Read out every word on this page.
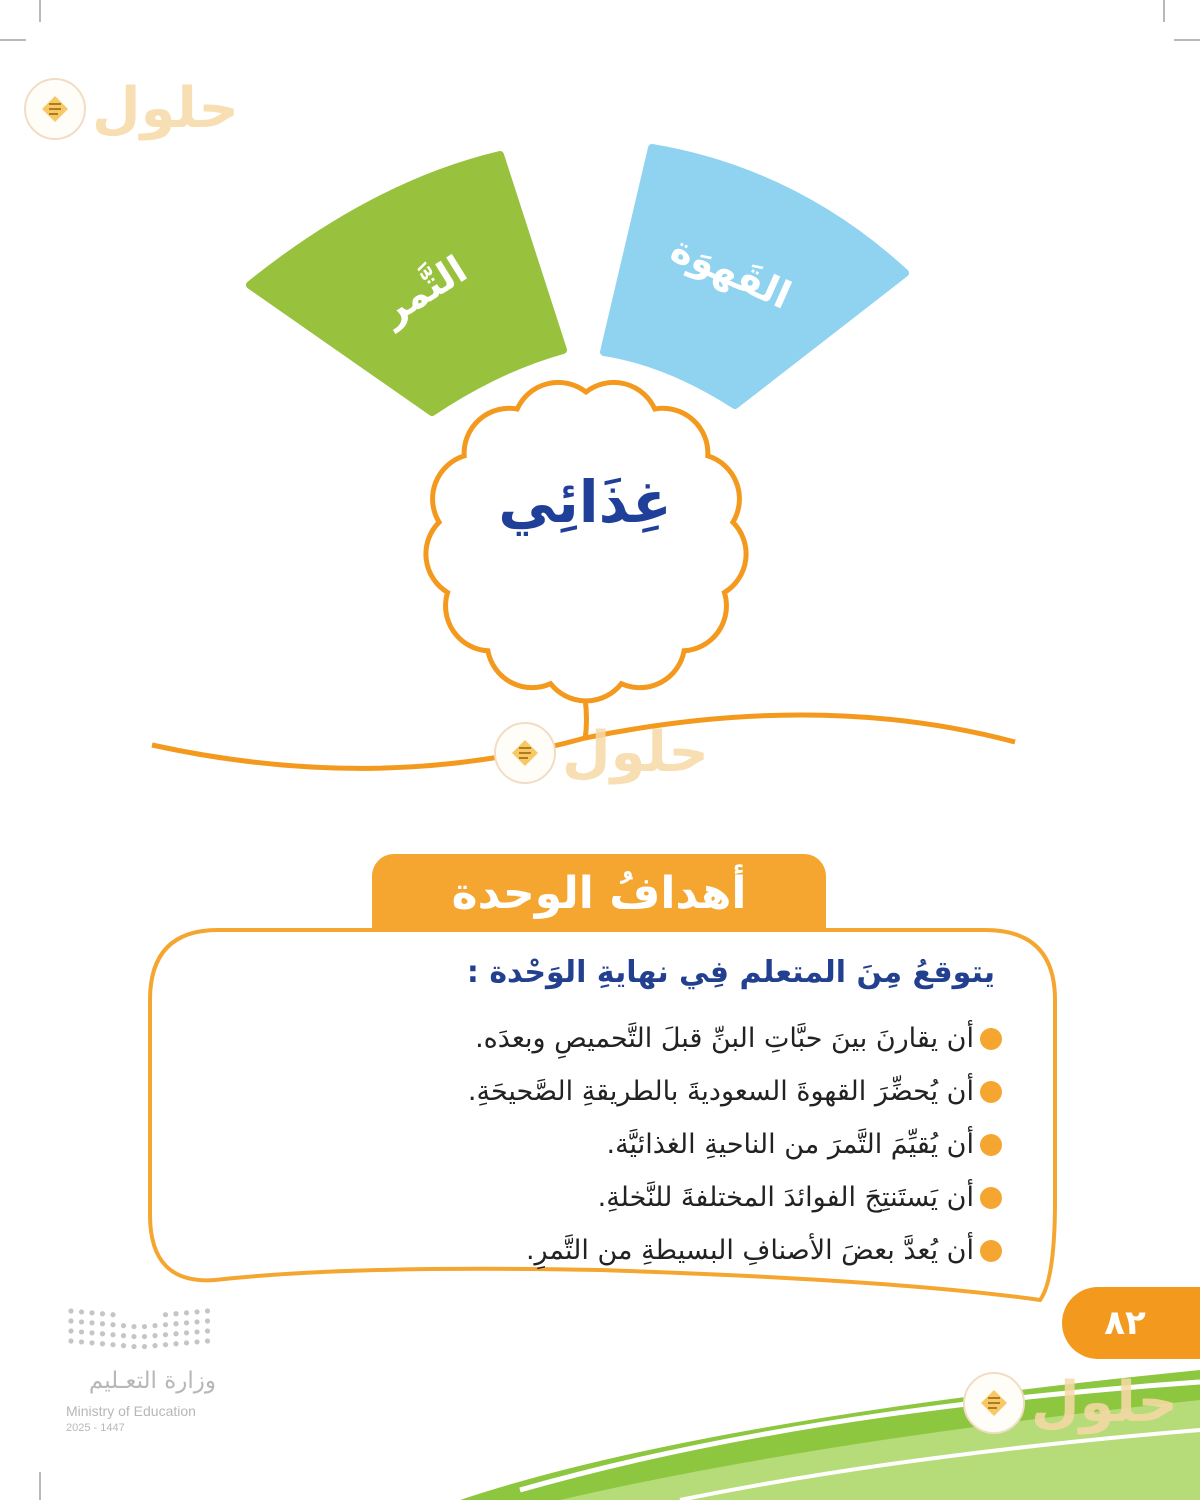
حلول
التَّمر	القَهوَة
غِذَائِي
حلول
أهدافُ الوحدة
يتوقعُ مِنَ المتعلم فِي نهايةِ الوَحْدة :
أن يقارنَ بينَ حبَّاتِ البنِّ قبلَ التَّحميصِ وبعدَه.
أن يُحضِّرَ القهوةَ السعوديةَ بالطريقةِ الصَّحيحَةِ.
أن يُقيِّمَ التَّمرَ من الناحيةِ الغذائيَّة.
أن يَستَنتِجَ الفوائدَ المختلفةَ للنَّخلةِ.
أن يُعدَّ بعضَ الأصنافِ البسيطةِ من التَّمرِ.
٨٢
حلول
وزارة التعـليم
Ministry of Education
2025 - 1447
